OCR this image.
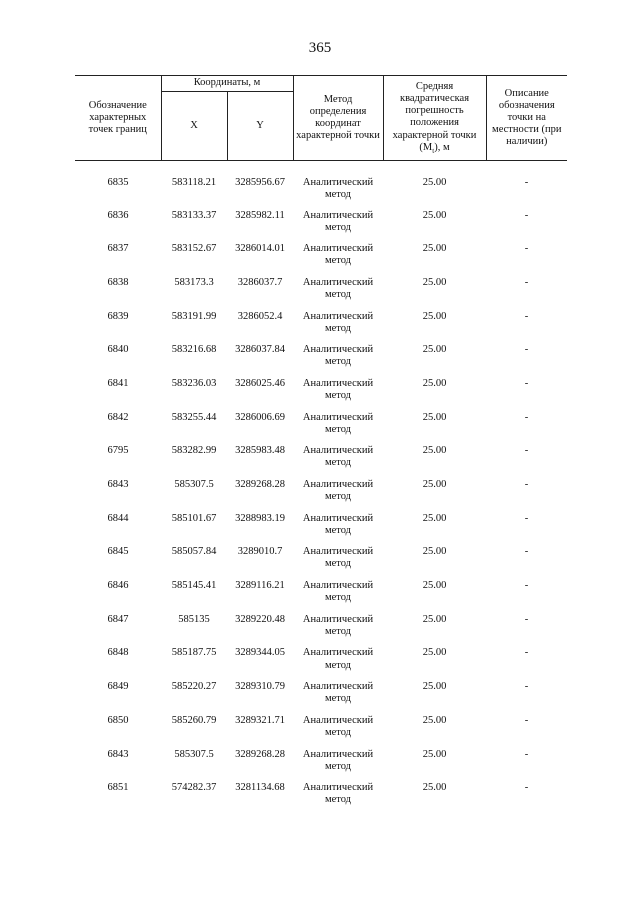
365
Обозначение характерных точек границ	Координаты, м		Метод определения координат характерной точки	Средняя квадратическая погрешность положения характерной точки $(M_t)$, м	Описание обозначения точки на местности (при наличии)
	X	Y			
6835	583118.21	3285956.67	Аналитический метод	25.00	-
6836	583133.37	3285982.11	Аналитический метод	25.00	-
6837	583152.67	3286014.01	Аналитический метод	25.00	-
6838	583173.3	3286037.7	Аналитический метод	25.00	-
6839	583191.99	3286052.4	Аналитический метод	25.00	-
6840	583216.68	3286037.84	Аналитический метод	25.00	-
6841	583236.03	3286025.46	Аналитический метод	25.00	-
6842	583255.44	3286006.69	Аналитический метод	25.00	-
6795	583282.99	3285983.48	Аналитический метод	25.00	-
6843	585307.5	3289268.28	Аналитический метод	25.00	-
6844	585101.67	3288983.19	Аналитический метод	25.00	-
6845	585057.84	3289010.7	Аналитический метод	25.00	-
6846	585145.41	3289116.21	Аналитический метод	25.00	-
6847	585135	3289220.48	Аналитический метод	25.00	-
6848	585187.75	3289344.05	Аналитический метод	25.00	-
6849	585220.27	3289310.79	Аналитический метод	25.00	-
6850	585260.79	3289321.71	Аналитический метод	25.00	-
6843	585307.5	3289268.28	Аналитический метод	25.00	-
6851	574282.37	3281134.68	Аналитический метод	25.00	-
